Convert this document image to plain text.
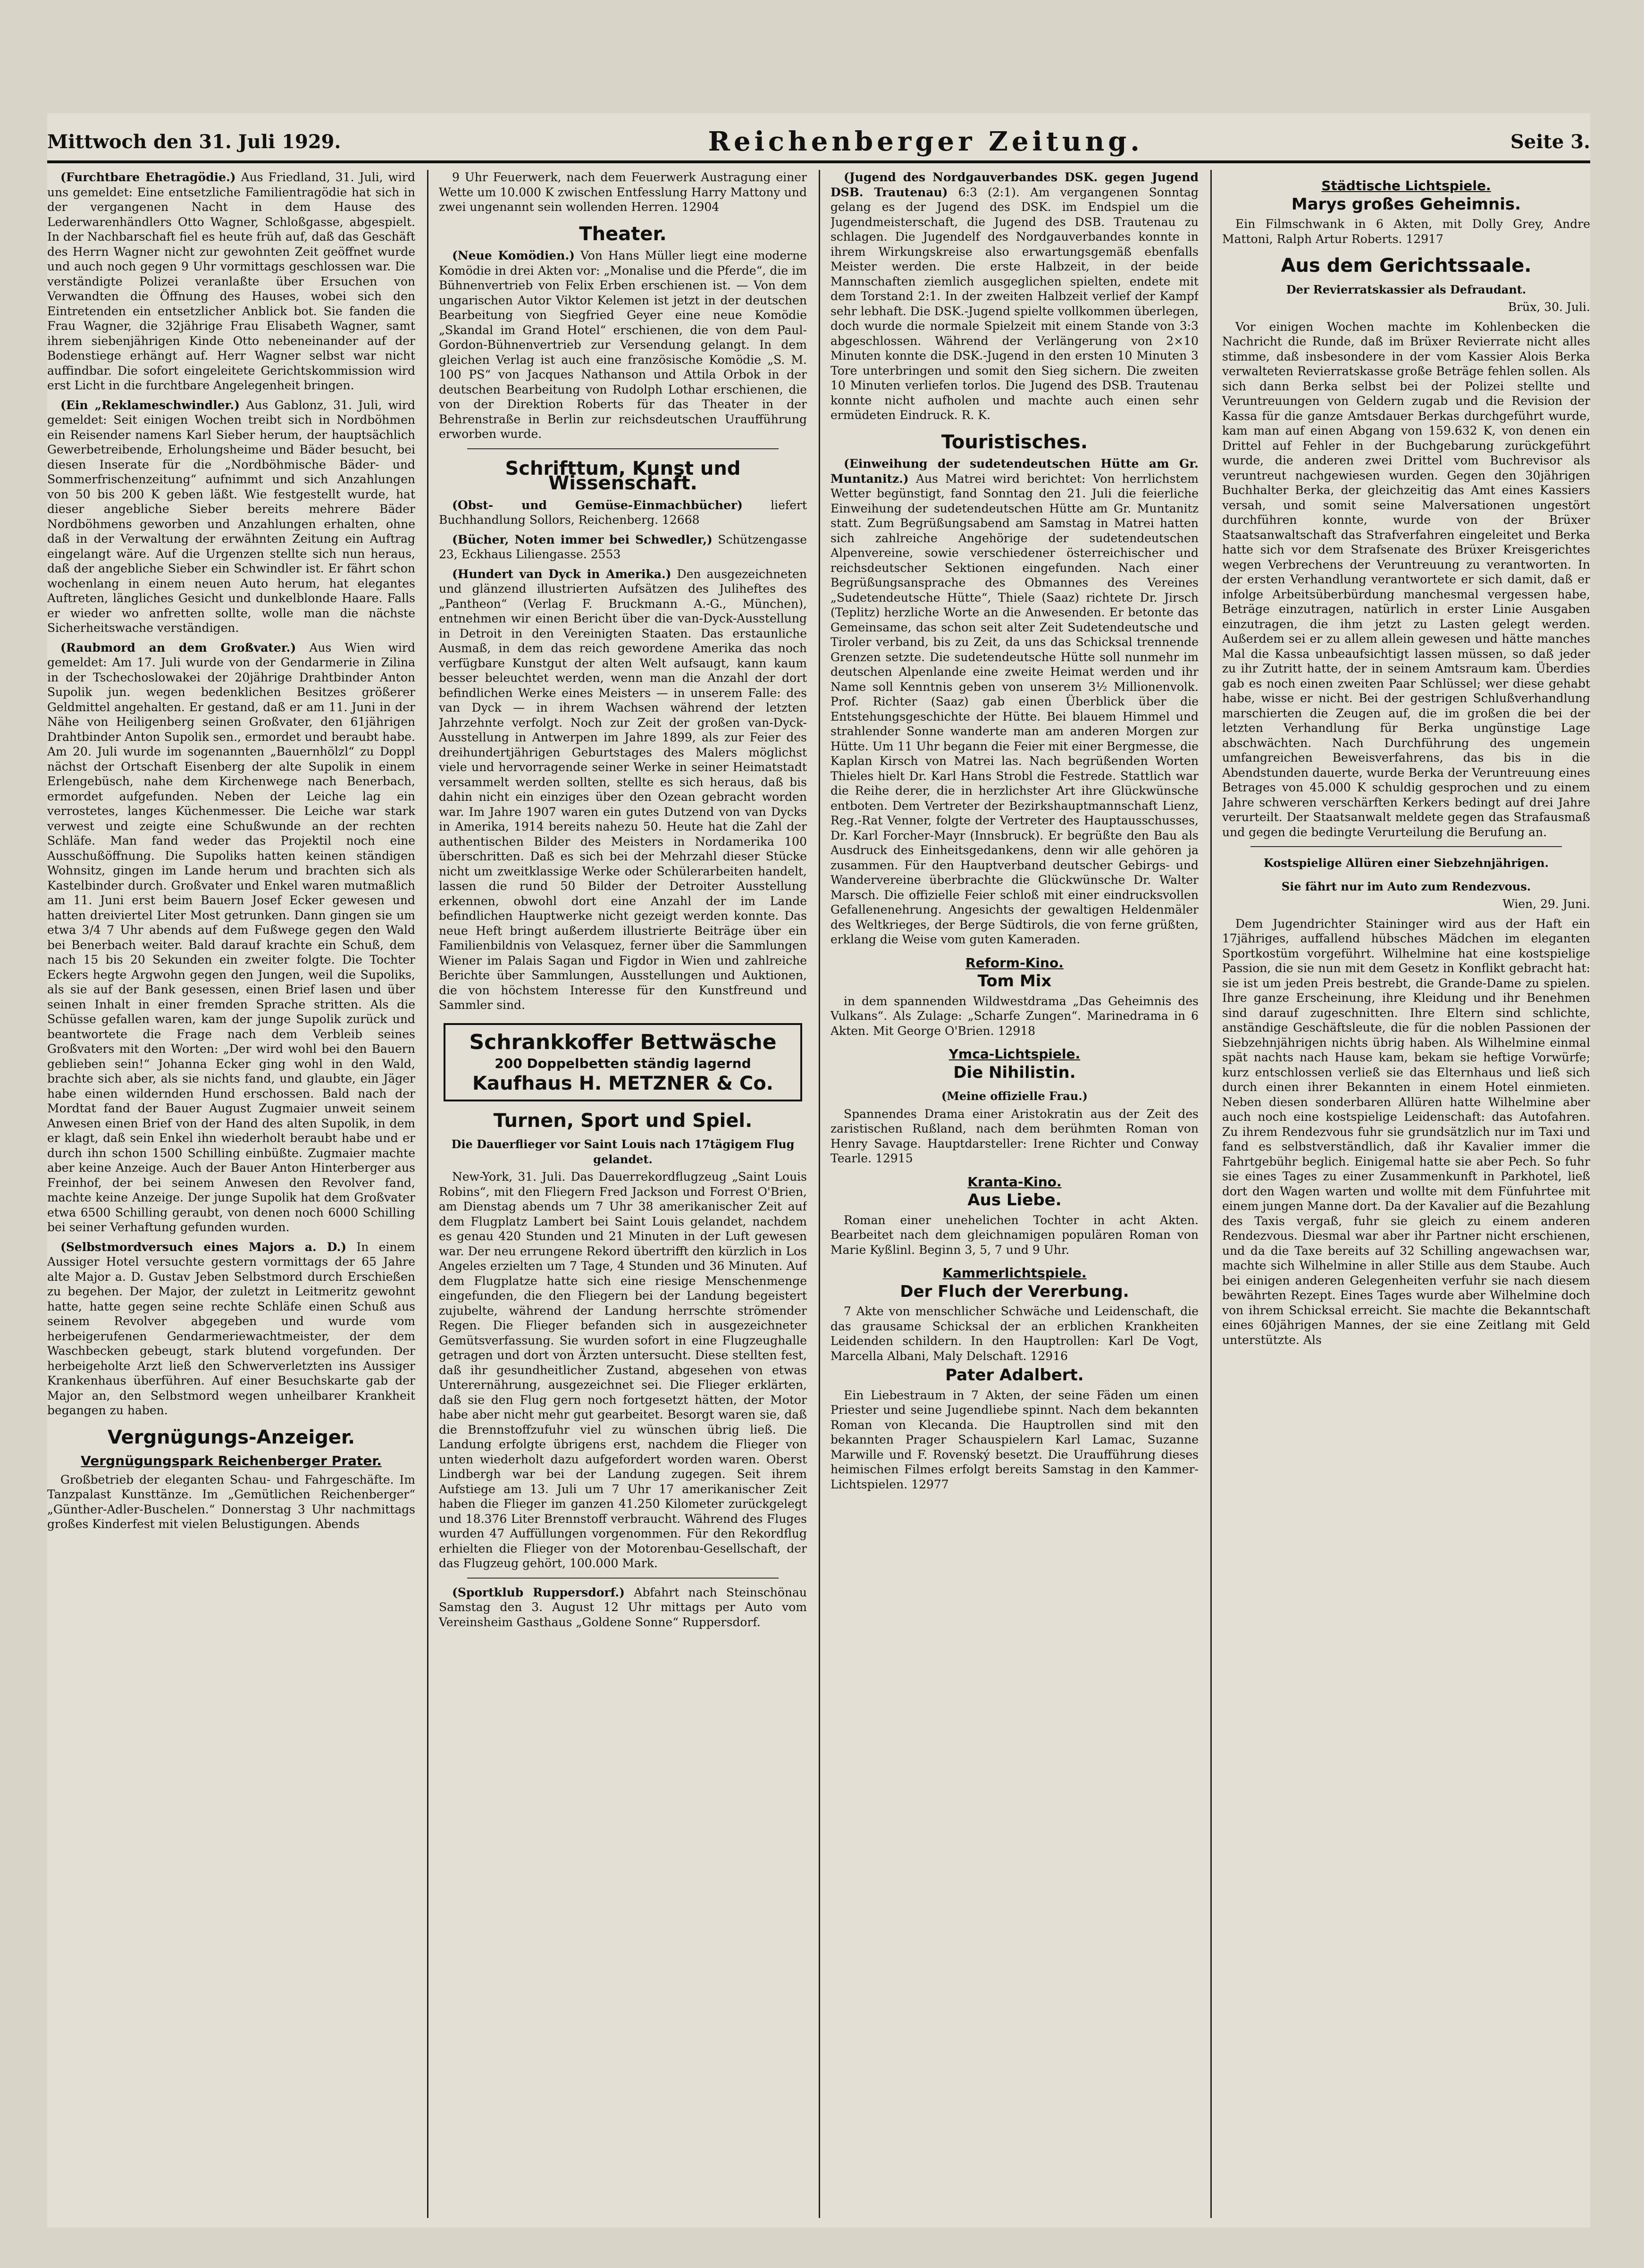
Mittwoch den 31. Juli 1929.	Reichenberger Zeitung.	Seite 3.

(Furchtbare Ehetragödie.) Aus Friedland, 31. Juli, wird uns gemeldet: Eine entsetzliche Familientragödie hat sich in der vergangenen Nacht in dem Hause des Lederwarenhändlers Otto Wagner, Schloßgasse, abgespielt. In der Nachbarschaft fiel es heute früh auf, daß das Geschäft des Herrn Wagner nicht zur gewohnten Zeit geöffnet wurde und auch noch gegen 9 Uhr vormittags geschlossen war. Die verständigte Polizei veranlaßte über Ersuchen von Verwandten die Öffnung des Hauses, wobei sich den Eintretenden ein entsetzlicher Anblick bot. Sie fanden die Frau Wagner, die 32jährige Frau Elisabeth Wagner, samt ihrem siebenjährigen Kinde Otto nebeneinander auf der Bodenstiege erhängt auf. Herr Wagner selbst war nicht auffindbar. Die sofort eingeleitete Gerichtskommission wird erst Licht in die furchtbare Angelegenheit bringen.

(Ein „Reklameschwindler.) Aus Gablonz, 31. Juli, wird gemeldet: Seit einigen Wochen treibt sich in Nordböhmen ein Reisender namens Karl Sieber herum, der hauptsächlich Gewerbetreibende, Erholungsheime und Bäder besucht, bei diesen Inserate für die „Nordböhmische Bäder- und Sommerfrischenzeitung“ aufnimmt und sich Anzahlungen von 50 bis 200 K geben läßt. Wie festgestellt wurde, hat dieser angebliche Sieber bereits mehrere Bäder Nordböhmens geworben und Anzahlungen erhalten, ohne daß in der Verwaltung der erwähnten Zeitung ein Auftrag eingelangt wäre. Auf die Urgenzen stellte sich nun heraus, daß der angebliche Sieber ein Schwindler ist. Er fährt schon wochenlang in einem neuen Auto herum, hat elegantes Auftreten, längliches Gesicht und dunkelblonde Haare. Falls er wieder wo anfretten sollte, wolle man die nächste Sicherheitswache verständigen.

(Raubmord an dem Großvater.) Aus Wien wird gemeldet: Am 17. Juli wurde von der Gendarmerie in Zilina in der Tschechoslowakei der 20jährige Drahtbinder Anton Supolik jun. wegen bedenklichen Besitzes größerer Geldmittel angehalten. Er gestand, daß er am 11. Juni in der Nähe von Heiligenberg seinen Großvater, den 61jährigen Drahtbinder Anton Supolik sen., ermordet und beraubt habe. Am 20. Juli wurde im sogenannten „Bauernhölzl“ zu Doppl nächst der Ortschaft Eisenberg der alte Supolik in einem Erlengebüsch, nahe dem Kirchenwege nach Benerbach, ermordet aufgefunden. Neben der Leiche lag ein verrostetes, langes Küchenmesser. Die Leiche war stark verwest und zeigte eine Schußwunde an der rechten Schläfe. Man fand weder das Projektil noch eine Ausschußöffnung. Die Supoliks hatten keinen ständigen Wohnsitz, gingen im Lande herum und brachten sich als Kastelbinder durch. Großvater und Enkel waren mutmaßlich am 11. Juni erst beim Bauern Josef Ecker gewesen und hatten dreiviertel Liter Most getrunken. Dann gingen sie um etwa 3/4 7 Uhr abends auf dem Fußwege gegen den Wald bei Benerbach weiter. Bald darauf krachte ein Schuß, dem nach 15 bis 20 Sekunden ein zweiter folgte. Die Tochter Eckers hegte Argwohn gegen den Jungen, weil die Supoliks, als sie auf der Bank gesessen, einen Brief lasen und über seinen Inhalt in einer fremden Sprache stritten. Als die Schüsse gefallen waren, kam der junge Supolik zurück und beantwortete die Frage nach dem Verbleib seines Großvaters mit den Worten: „Der wird wohl bei den Bauern geblieben sein!“ Johanna Ecker ging wohl in den Wald, brachte sich aber, als sie nichts fand, und glaubte, ein Jäger habe einen wildernden Hund erschossen. Bald nach der Mordtat fand der Bauer August Zugmaier unweit seinem Anwesen einen Brief von der Hand des alten Supolik, in dem er klagt, daß sein Enkel ihn wiederholt beraubt habe und er durch ihn schon 1500 Schilling einbüßte. Zugmaier machte aber keine Anzeige. Auch der Bauer Anton Hinterberger aus Freinhof, der bei seinem Anwesen den Revolver fand, machte keine Anzeige. Der junge Supolik hat dem Großvater etwa 6500 Schilling geraubt, von denen noch 6000 Schilling bei seiner Verhaftung gefunden wurden.

(Selbstmordversuch eines Majors a. D.) In einem Aussiger Hotel versuchte gestern vormittags der 65 Jahre alte Major a. D. Gustav Jeben Selbstmord durch Erschießen zu begehen. Der Major, der zuletzt in Leitmeritz gewohnt hatte, hatte gegen seine rechte Schläfe einen Schuß aus seinem Revolver abgegeben und wurde vom herbeigerufenen Gendarmeriewachtmeister, der dem Waschbecken gebeugt, stark blutend vorgefunden. Der herbeigeholte Arzt ließ den Schwerverletzten ins Aussiger Krankenhaus überführen. Auf einer Besuchskarte gab der Major an, den Selbstmord wegen unheilbarer Krankheit begangen zu haben.

Vergnügungs-Anzeiger.
Vergnügungspark Reichenberger Prater.

Großbetrieb der eleganten Schau- und Fahrgeschäfte. Im Tanzpalast Kunsttänze. Im „Gemütlichen Reichenberger“ „Günther-Adler-Buschelen.“ Donnerstag 3 Uhr nachmittags großes Kinderfest mit vielen Belustigungen. Abends

9 Uhr Feuerwerk, nach dem Feuerwerk Austragung einer Wette um 10.000 K zwischen Entfesslung Harry Mattony und zwei ungenannt sein wollenden Herren. 12904

Theater.

(Neue Komödien.) Von Hans Müller liegt eine moderne Komödie in drei Akten vor: „Monalise und die Pferde“, die im Bühnenvertrieb von Felix Erben erschienen ist. — Von dem ungarischen Autor Viktor Kelemen ist jetzt in der deutschen Bearbeitung von Siegfried Geyer eine neue Komödie „Skandal im Grand Hotel“ erschienen, die von dem Paul-Gordon-Bühnenvertrieb zur Versendung gelangt. In dem gleichen Verlag ist auch eine französische Komödie „S. M. 100 PS“ von Jacques Nathanson und Attila Orbok in der deutschen Bearbeitung von Rudolph Lothar erschienen, die von der Direktion Roberts für das Theater in der Behrenstraße in Berlin zur reichsdeutschen Uraufführung erworben wurde.

Schrifttum, Kunst und Wissenschaft.

(Obst- und Gemüse-Einmachbücher) liefert Buchhandlung Sollors, Reichenberg. 12668

(Bücher, Noten immer bei Schwedler,) Schützengasse 23, Eckhaus Liliengasse. 2553

(Hundert van Dyck in Amerika.) Den ausgezeichneten und glänzend illustrierten Aufsätzen des Juliheftes des „Pantheon“ (Verlag F. Bruckmann A.-G., München), entnehmen wir einen Bericht über die van-Dyck-Ausstellung in Detroit in den Vereinigten Staaten. Das erstaunliche Ausmaß, in dem das reich gewordene Amerika das noch verfügbare Kunstgut der alten Welt aufsaugt, kann kaum besser beleuchtet werden, wenn man die Anzahl der dort befindlichen Werke eines Meisters — in unserem Falle: des van Dyck — in ihrem Wachsen während der letzten Jahrzehnte verfolgt. Noch zur Zeit der großen van-Dyck-Ausstellung in Antwerpen im Jahre 1899, als zur Feier des dreihundertjährigen Geburtstages des Malers möglichst viele und hervorragende seiner Werke in seiner Heimatstadt versammelt werden sollten, stellte es sich heraus, daß bis dahin nicht ein einziges über den Ozean gebracht worden war. Im Jahre 1907 waren ein gutes Dutzend von van Dycks in Amerika, 1914 bereits nahezu 50. Heute hat die Zahl der authentischen Bilder des Meisters in Nordamerika 100 überschritten. Daß es sich bei der Mehrzahl dieser Stücke nicht um zweitklassige Werke oder Schülerarbeiten handelt, lassen die rund 50 Bilder der Detroiter Ausstellung erkennen, obwohl dort eine Anzahl der im Lande befindlichen Hauptwerke nicht gezeigt werden konnte. Das neue Heft bringt außerdem illustrierte Beiträge über ein Familienbildnis von Velasquez, ferner über die Sammlungen Wiener im Palais Sagan und Figdor in Wien und zahlreiche Berichte über Sammlungen, Ausstellungen und Auktionen, die von höchstem Interesse für den Kunstfreund und Sammler sind.

Schrankkoffer Bettwäsche
200 Doppelbetten ständig lagernd
Kaufhaus H. METZNER & Co.
Turnen, Sport und Spiel.
Die Dauerflieger vor Saint Louis nach 17tägigem Flug gelandet.

New-York, 31. Juli. Das Dauerrekordflugzeug „Saint Louis Robins“, mit den Fliegern Fred Jackson und Forrest O'Brien, am Dienstag abends um 7 Uhr 38 amerikanischer Zeit auf dem Flugplatz Lambert bei Saint Louis gelandet, nachdem es genau 420 Stunden und 21 Minuten in der Luft gewesen war. Der neu errungene Rekord übertrifft den kürzlich in Los Angeles erzielten um 7 Tage, 4 Stunden und 36 Minuten. Auf dem Flugplatze hatte sich eine riesige Menschenmenge eingefunden, die den Fliegern bei der Landung begeistert zujubelte, während der Landung herrschte strömender Regen. Die Flieger befanden sich in ausgezeichneter Gemütsverfassung. Sie wurden sofort in eine Flugzeughalle getragen und dort von Ärzten untersucht. Diese stellten fest, daß ihr gesundheitlicher Zustand, abgesehen von etwas Unterernährung, ausgezeichnet sei. Die Flieger erklärten, daß sie den Flug gern noch fortgesetzt hätten, der Motor habe aber nicht mehr gut gearbeitet. Besorgt waren sie, daß die Brennstoffzufuhr viel zu wünschen übrig ließ. Die Landung erfolgte übrigens erst, nachdem die Flieger von unten wiederholt dazu aufgefordert worden waren. Oberst Lindbergh war bei der Landung zugegen. Seit ihrem Aufstiege am 13. Juli um 7 Uhr 17 amerikanischer Zeit haben die Flieger im ganzen 41.250 Kilometer zurückgelegt und 18.376 Liter Brennstoff verbraucht. Während des Fluges wurden 47 Auffüllungen vorgenommen. Für den Rekordflug erhielten die Flieger von der Motorenbau-Gesellschaft, der das Flugzeug gehört, 100.000 Mark.

(Sportklub Ruppersdorf.) Abfahrt nach Steinschönau Samstag den 3. August 12 Uhr mittags per Auto vom Vereinsheim Gasthaus „Goldene Sonne“ Ruppersdorf.

(Jugend des Nordgauverbandes DSK. gegen Jugend DSB. Trautenau) 6:3 (2:1). Am vergangenen Sonntag gelang es der Jugend des DSK. im Endspiel um die Jugendmeisterschaft, die Jugend des DSB. Trautenau zu schlagen. Die Jugendelf des Nordgauverbandes konnte in ihrem Wirkungskreise also erwartungsgemäß ebenfalls Meister werden. Die erste Halbzeit, in der beide Mannschaften ziemlich ausgeglichen spielten, endete mit dem Torstand 2:1. In der zweiten Halbzeit verlief der Kampf sehr lebhaft. Die DSK.-Jugend spielte vollkommen überlegen, doch wurde die normale Spielzeit mit einem Stande von 3:3 abgeschlossen. Während der Verlängerung von 2×10 Minuten konnte die DSK.-Jugend in den ersten 10 Minuten 3 Tore unterbringen und somit den Sieg sichern. Die zweiten 10 Minuten verliefen torlos. Die Jugend des DSB. Trautenau konnte nicht aufholen und machte auch einen sehr ermüdeten Eindruck. R. K.

Touristisches.

(Einweihung der sudetendeutschen Hütte am Gr. Muntanitz.) Aus Matrei wird berichtet: Von herrlichstem Wetter begünstigt, fand Sonntag den 21. Juli die feierliche Einweihung der sudetendeutschen Hütte am Gr. Muntanitz statt. Zum Begrüßungsabend am Samstag in Matrei hatten sich zahlreiche Angehörige der sudetendeutschen Alpenvereine, sowie verschiedener österreichischer und reichsdeutscher Sektionen eingefunden. Nach einer Begrüßungsansprache des Obmannes des Vereines „Sudetendeutsche Hütte“, Thiele (Saaz) richtete Dr. Jirsch (Teplitz) herzliche Worte an die Anwesenden. Er betonte das Gemeinsame, das schon seit alter Zeit Sudetendeutsche und Tiroler verband, bis zu Zeit, da uns das Schicksal trennende Grenzen setzte. Die sudetendeutsche Hütte soll nunmehr im deutschen Alpenlande eine zweite Heimat werden und ihr Name soll Kenntnis geben von unserem 3½ Millionenvolk. Prof. Richter (Saaz) gab einen Überblick über die Entstehungsgeschichte der Hütte. Bei blauem Himmel und strahlender Sonne wanderte man am anderen Morgen zur Hütte. Um 11 Uhr begann die Feier mit einer Bergmesse, die Kaplan Kirsch von Matrei las. Nach begrüßenden Worten Thieles hielt Dr. Karl Hans Strobl die Festrede. Stattlich war die Reihe derer, die in herzlichster Art ihre Glückwünsche entboten. Dem Vertreter der Bezirkshauptmannschaft Lienz, Reg.-Rat Venner, folgte der Vertreter des Hauptausschusses, Dr. Karl Forcher-Mayr (Innsbruck). Er begrüßte den Bau als Ausdruck des Einheitsgedankens, denn wir alle gehören ja zusammen. Für den Hauptverband deutscher Gebirgs- und Wandervereine überbrachte die Glückwünsche Dr. Walter Marsch. Die offizielle Feier schloß mit einer eindrucksvollen Gefallenenehrung. Angesichts der gewaltigen Heldenmäler des Weltkrieges, der Berge Südtirols, die von ferne grüßten, erklang die Weise vom guten Kameraden.

Reform-Kino.
Tom Mix

in dem spannenden Wildwestdrama „Das Geheimnis des Vulkans“. Als Zulage: „Scharfe Zungen“. Marinedrama in 6 Akten. Mit George O'Brien. 12918

Ymca-Lichtspiele.
Die Nihilistin.
(Meine offizielle Frau.)

Spannendes Drama einer Aristokratin aus der Zeit des zaristischen Rußland, nach dem berühmten Roman von Henry Savage. Hauptdarsteller: Irene Richter und Conway Tearle. 12915

Kranta-Kino.
Aus Liebe.

Roman einer unehelichen Tochter in acht Akten. Bearbeitet nach dem gleichnamigen populären Roman von Marie Kyßlinl. Beginn 3, 5, 7 und 9 Uhr.

Kammerlichtspiele.
Der Fluch der Vererbung.

7 Akte von menschlicher Schwäche und Leidenschaft, die das grausame Schicksal der an erblichen Krankheiten Leidenden schildern. In den Hauptrollen: Karl De Vogt, Marcella Albani, Maly Delschaft. 12916

Pater Adalbert.

Ein Liebestraum in 7 Akten, der seine Fäden um einen Priester und seine Jugendliebe spinnt. Nach dem bekannten Roman von Klecanda. Die Hauptrollen sind mit den bekannten Prager Schauspielern Karl Lamac, Suzanne Marwille und F. Rovenský besetzt. Die Uraufführung dieses heimischen Filmes erfolgt bereits Samstag in den Kammer-Lichtspielen. 12977

Städtische Lichtspiele.
Marys großes Geheimnis.

Ein Filmschwank in 6 Akten, mit Dolly Grey, Andre Mattoni, Ralph Artur Roberts. 12917

Aus dem Gerichtssaale.
Der Revierratskassier als Defraudant.

Brüx, 30. Juli.

Vor einigen Wochen machte im Kohlenbecken die Nachricht die Runde, daß im Brüxer Revierrate nicht alles stimme, daß insbesondere in der vom Kassier Alois Berka verwalteten Revierratskasse große Beträge fehlen sollen. Als sich dann Berka selbst bei der Polizei stellte und Veruntreuungen von Geldern zugab und die Revision der Kassa für die ganze Amtsdauer Berkas durchgeführt wurde, kam man auf einen Abgang von 159.632 K, von denen ein Drittel auf Fehler in der Buchgebarung zurückgeführt wurde, die anderen zwei Drittel vom Buchrevisor als veruntreut nachgewiesen wurden. Gegen den 30jährigen Buchhalter Berka, der gleichzeitig das Amt eines Kassiers versah, und somit seine Malversationen ungestört durchführen konnte, wurde von der Brüxer Staatsanwaltschaft das Strafverfahren eingeleitet und Berka hatte sich vor dem Strafsenate des Brüxer Kreisgerichtes wegen Verbrechens der Veruntreuung zu verantworten. In der ersten Verhandlung verantwortete er sich damit, daß er infolge Arbeitsüberbürdung manchesmal vergessen habe, Beträge einzutragen, natürlich in erster Linie Ausgaben einzutragen, die ihm jetzt zu Lasten gelegt werden. Außerdem sei er zu allem allein gewesen und hätte manches Mal die Kassa unbeaufsichtigt lassen müssen, so daß jeder zu ihr Zutritt hatte, der in seinem Amtsraum kam. Überdies gab es noch einen zweiten Paar Schlüssel; wer diese gehabt habe, wisse er nicht. Bei der gestrigen Schlußverhandlung marschierten die Zeugen auf, die im großen die bei der letzten Verhandlung für Berka ungünstige Lage abschwächten. Nach Durchführung des ungemein umfangreichen Beweisverfahrens, das bis in die Abendstunden dauerte, wurde Berka der Veruntreuung eines Betrages von 45.000 K schuldig gesprochen und zu einem Jahre schweren verschärften Kerkers bedingt auf drei Jahre verurteilt. Der Staatsanwalt meldete gegen das Strafausmaß und gegen die bedingte Verurteilung die Berufung an.

Kostspielige Allüren einer Siebzehnjährigen.
Sie fährt nur im Auto zum Rendezvous.

Wien, 29. Juni.

Dem Jugendrichter Staininger wird aus der Haft ein 17jähriges, auffallend hübsches Mädchen im eleganten Sportkostüm vorgeführt. Wilhelmine hat eine kostspielige Passion, die sie nun mit dem Gesetz in Konflikt gebracht hat: sie ist um jeden Preis bestrebt, die Grande-Dame zu spielen. Ihre ganze Erscheinung, ihre Kleidung und ihr Benehmen sind darauf zugeschnitten. Ihre Eltern sind schlichte, anständige Geschäftsleute, die für die noblen Passionen der Siebzehnjährigen nichts übrig haben. Als Wilhelmine einmal spät nachts nach Hause kam, bekam sie heftige Vorwürfe; kurz entschlossen verließ sie das Elternhaus und ließ sich durch einen ihrer Bekannten in einem Hotel einmieten. Neben diesen sonderbaren Allüren hatte Wilhelmine aber auch noch eine kostspielige Leidenschaft: das Autofahren. Zu ihrem Rendezvous fuhr sie grundsätzlich nur im Taxi und fand es selbstverständlich, daß ihr Kavalier immer die Fahrtgebühr beglich. Einigemal hatte sie aber Pech. So fuhr sie eines Tages zu einer Zusammenkunft in Parkhotel, ließ dort den Wagen warten und wollte mit dem Fünfuhrtee mit einem jungen Manne dort. Da der Kavalier auf die Bezahlung des Taxis vergaß, fuhr sie gleich zu einem anderen Rendezvous. Diesmal war aber ihr Partner nicht erschienen, und da die Taxe bereits auf 32 Schilling angewachsen war, machte sich Wilhelmine in aller Stille aus dem Staube. Auch bei einigen anderen Gelegenheiten verfuhr sie nach diesem bewährten Rezept. Eines Tages wurde aber Wilhelmine doch von ihrem Schicksal erreicht. Sie machte die Bekanntschaft eines 60jährigen Mannes, der sie eine Zeitlang mit Geld unterstützte. Als
